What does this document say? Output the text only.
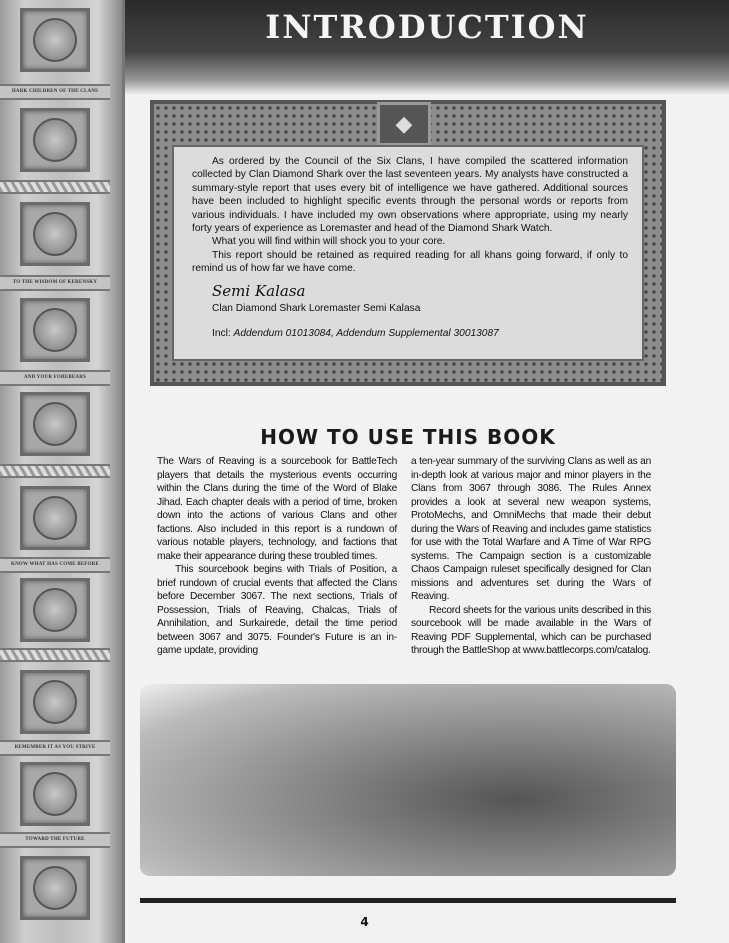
HARK CHILDREN OF THE CLANS
TO THE WISDOM OF KERENSKY
AND YOUR FOREBEARS
KNOW WHAT HAS COME BEFORE
REMEMBER IT AS YOU STRIVE
TOWARD THE FUTURE
INTRODUCTION
◆

As ordered by the Council of the Six Clans, I have compiled the scattered information collected by Clan Diamond Shark over the last seventeen years. My analysts have constructed a summary-style report that uses every bit of intelligence we have gathered. Additional sources have been included to highlight specific events through the personal words or reports from various individuals. I have included my own observations where appropriate, using my nearly forty years of experience as Loremaster and head of the Diamond Shark Watch.

What you will find within will shock you to your core.

This report should be retained as required reading for all khans going forward, if only to remind us of how far we have come.

Semi Kalasa

Clan Diamond Shark Loremaster Semi Kalasa

Incl: Addendum 01013084, Addendum Supplemental 30013087

HOW TO USE THIS BOOK

The Wars of Reaving is a sourcebook for BattleTech players that details the mysterious events occurring within the Clans during the time of the Word of Blake Jihad. Each chapter deals with a period of time, broken down into the actions of various Clans and other factions. Also included in this report is a rundown of various notable players, technology, and factions that make their appearance during these troubled times.

This sourcebook begins with Trials of Position, a brief rundown of crucial events that affected the Clans before December 3067. The next sections, Trials of Possession, Trials of Reaving, Chalcas, Trials of Annihilation, and Surkairede, detail the time period between 3067 and 3075. Founder's Future is an in-game update, providing

a ten-year summary of the surviving Clans as well as an in-depth look at various major and minor players in the Clans from 3067 through 3086. The Rules Annex provides a look at several new weapon systems, ProtoMechs, and OmniMechs that made their debut during the Wars of Reaving and includes game statistics for use with the Total Warfare and A Time of War RPG systems. The Campaign section is a customizable Chaos Campaign ruleset specifically designed for Clan missions and adventures set during the Wars of Reaving.

Record sheets for the various units described in this sourcebook will be made available in the Wars of Reaving PDF Supplemental, which can be purchased through the BattleShop at www.battlecorps.com/catalog.

4
